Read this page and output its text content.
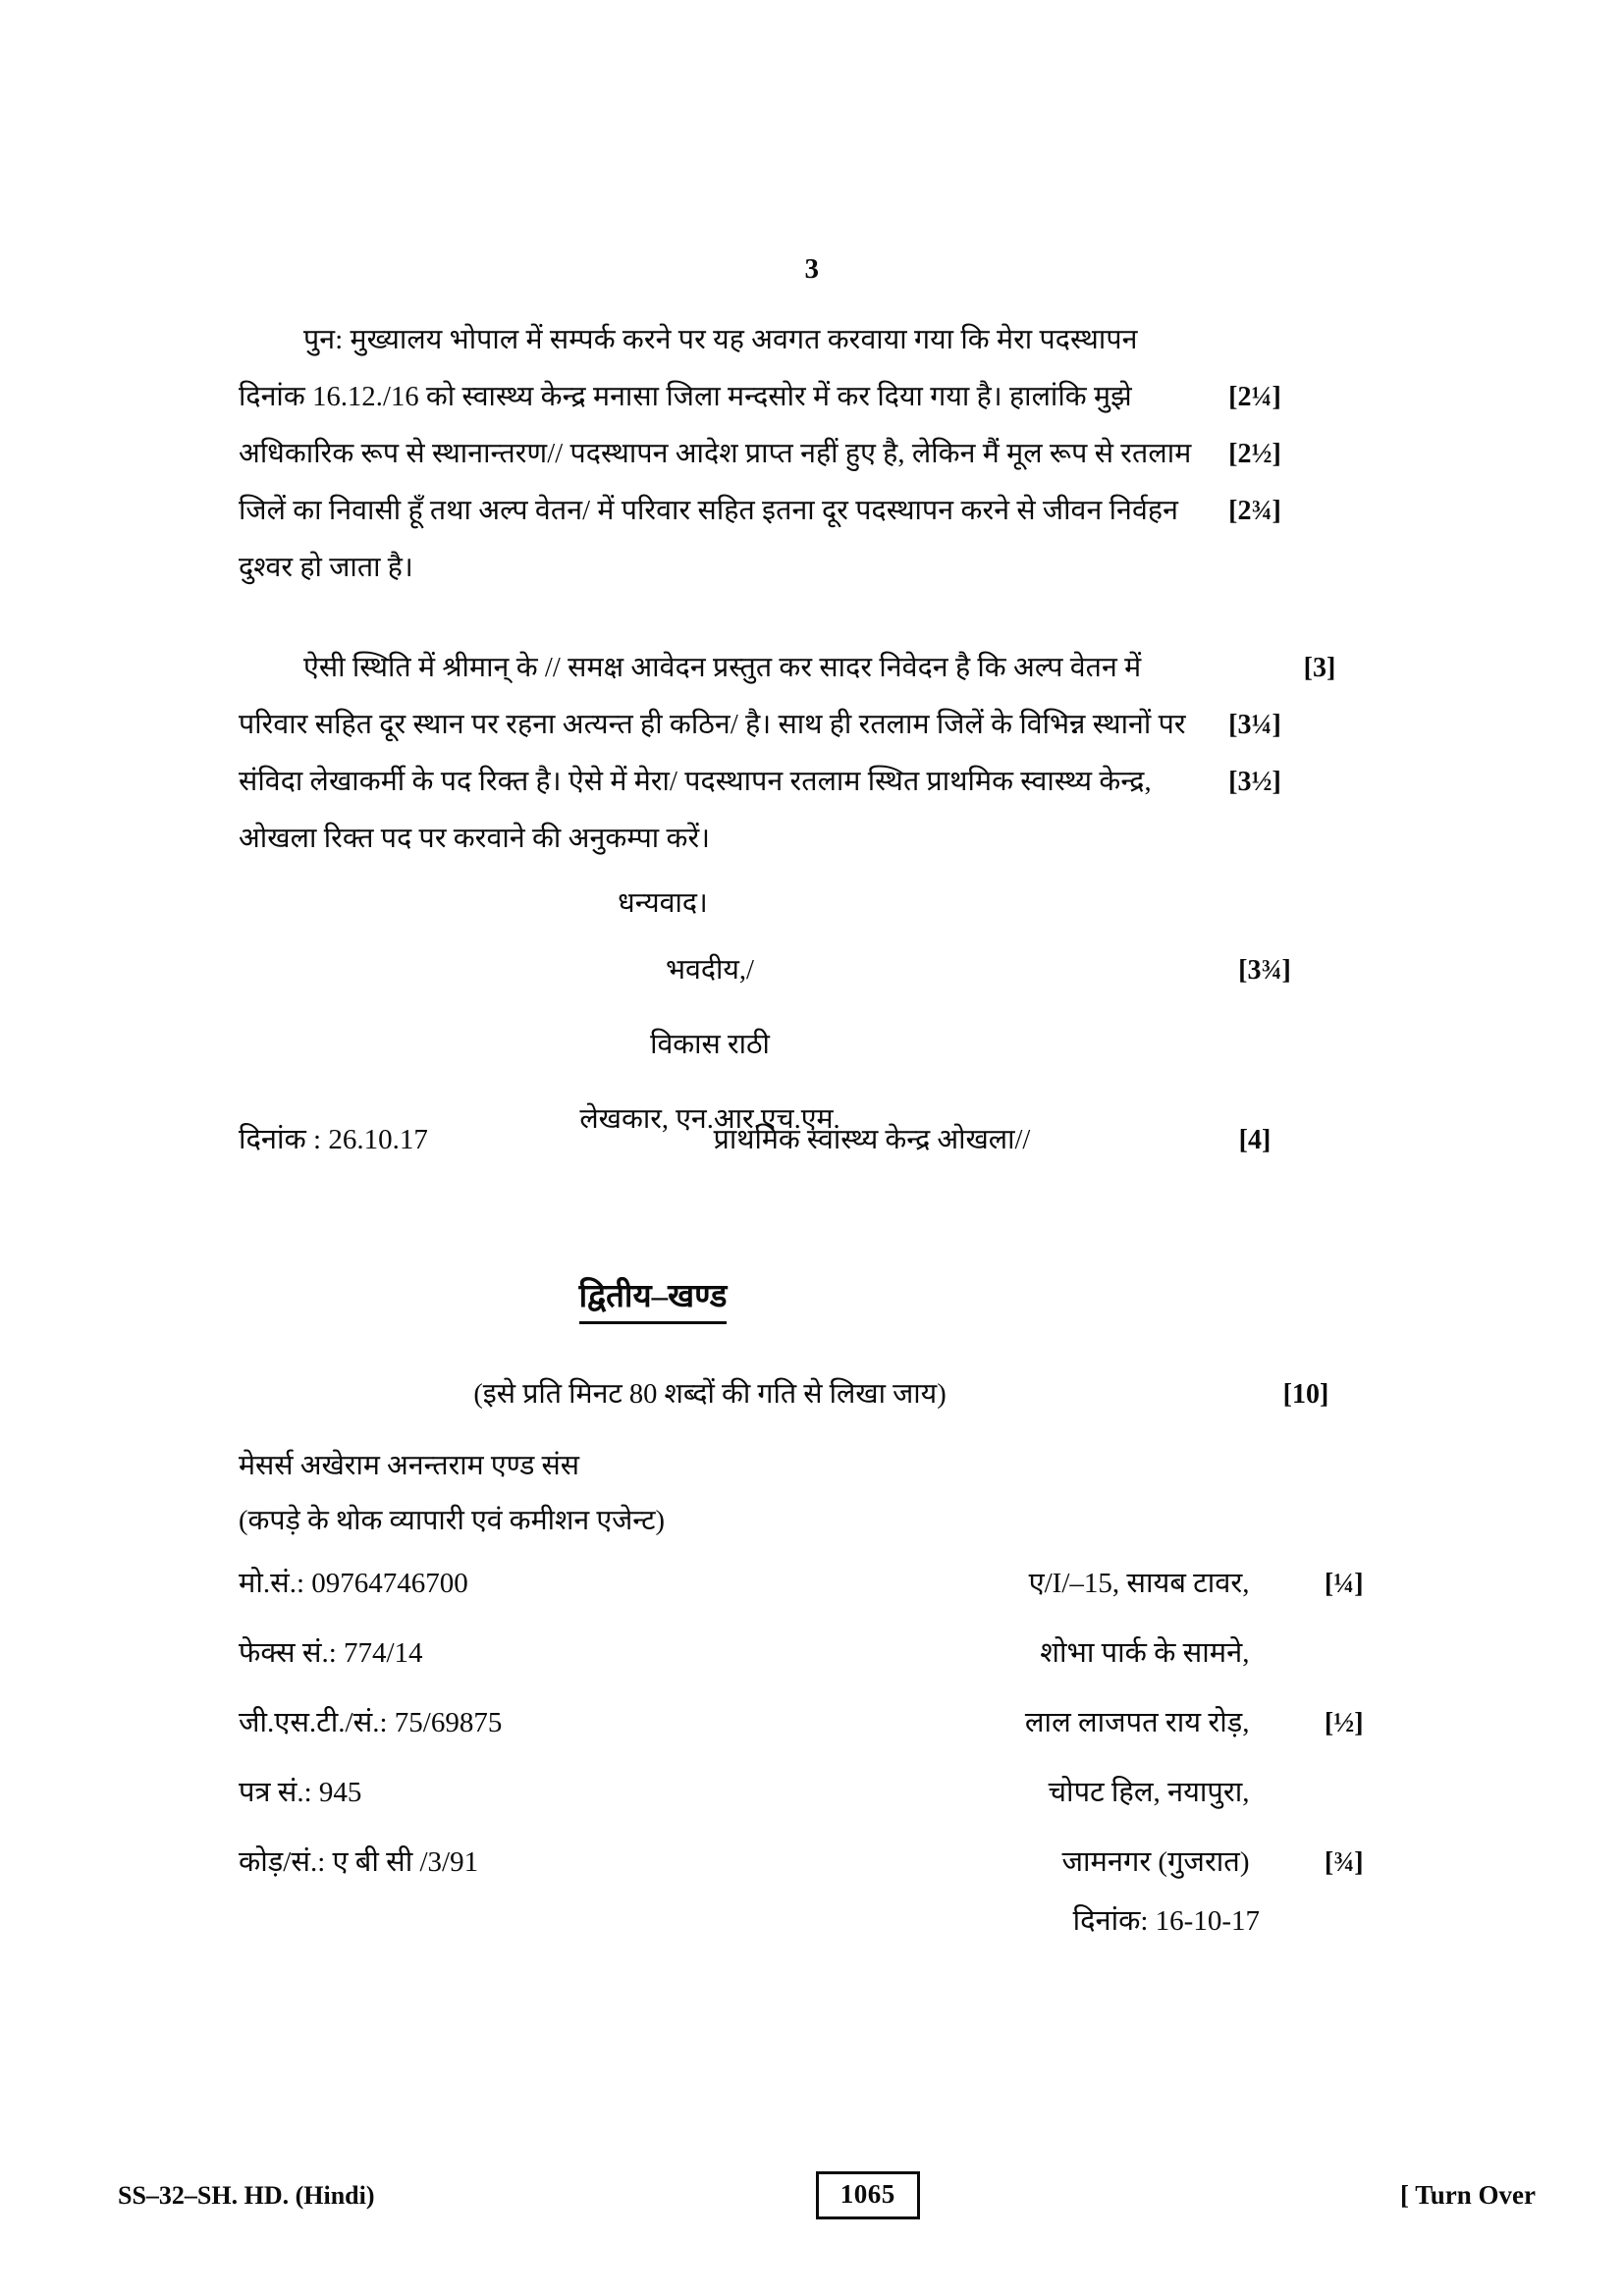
3
पुन: मुख्यालय भोपाल में सम्पर्क करने पर यह अवगत करवाया गया कि मेरा पदस्थापन
दिनांक 16.12./16 को स्वास्थ्य केन्द्र मनासा जिला मन्दसोर में कर दिया गया है। हालांकि मुझे	[2¼]
अधिकारिक रूप से स्थानान्तरण// पदस्थापन आदेश प्राप्त नहीं हुए है, लेकिन मैं मूल रूप से रतलाम	[2½]
जिलें का निवासी हूँ तथा अल्प वेतन/ में परिवार सहित इतना दूर पदस्थापन करने से जीवन निर्वहन	[2¾]
दुश्वर हो जाता है।
ऐसी स्थिति में श्रीमान् के // समक्ष आवेदन प्रस्तुत कर सादर निवेदन है कि अल्प वेतन में	[3]
परिवार सहित दूर स्थान पर रहना अत्यन्त ही कठिन/ है। साथ ही रतलाम जिलें के विभिन्न स्थानों पर	[3¼]
संविदा लेखाकर्मी के पद रिक्त है। ऐसे में मेरा/ पदस्थापन रतलाम स्थित प्राथमिक स्वास्थ्य केन्द्र,	[3½]
ओखला रिक्त पद पर करवाने की अनुकम्पा करें।
धन्यवाद।
भवदीय,/	[3¾]
विकास राठी
लेखकार, एन.आर.एच.एम.
दिनांक : 26.10.17	प्राथमिक स्वास्थ्य केन्द्र ओखला//	[4]
द्वितीय–खण्ड
(इसे प्रति मिनट 80 शब्दों की गति से लिखा जाय)	[10]
मेसर्स अखेराम अनन्तराम एण्ड संस
(कपड़े के थोक व्यापारी एवं कमीशन एजेन्ट)
मो.सं.: 09764746700	ए/I/–15, सायब टावर,	[¼]
फेक्स सं.: 774/14	शोभा पार्क के सामने,
जी.एस.टी./सं.: 75/69875	लाल लाजपत राय रोड़,	[½]
पत्र सं.: 945	चोपट हिल, नयापुरा,
कोड़/सं.: ए बी सी /3/91	जामनगर (गुजरात)	[¾]
दिनांक: 16-10-17
SS–32–SH. HD. (Hindi)	1065	[ Turn Over
